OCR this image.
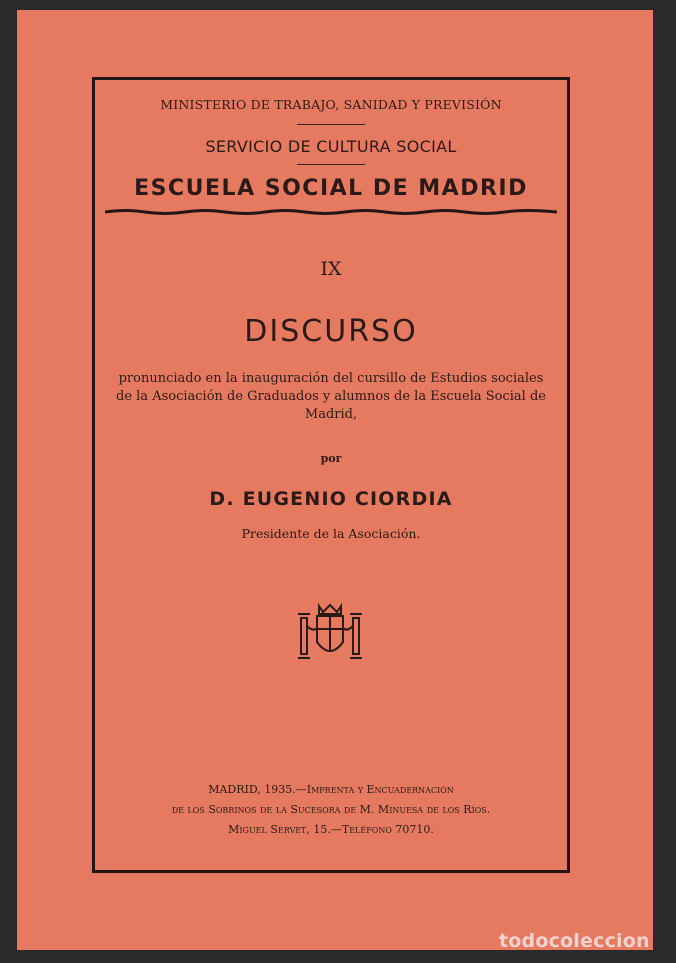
MINISTERIO DE TRABAJO, SANIDAD Y PREVISIÓN
SERVICIO DE CULTURA SOCIAL
ESCUELA SOCIAL DE MADRID
IX
DISCURSO
pronunciado en la inauguración del cursillo de Estudios sociales de la Asociación de Graduados y alumnos de la Escuela Social de Madrid,
por
D. EUGENIO CIORDIA
Presidente de la Asociación.
MADRID, 1935.—Imprenta y Encuadernación
de los Sobrinos de la Sucesora de M. Minuesa de los Ríos.
Miguel Servet, 15.—Teléfono 70710.
todocoleccion
